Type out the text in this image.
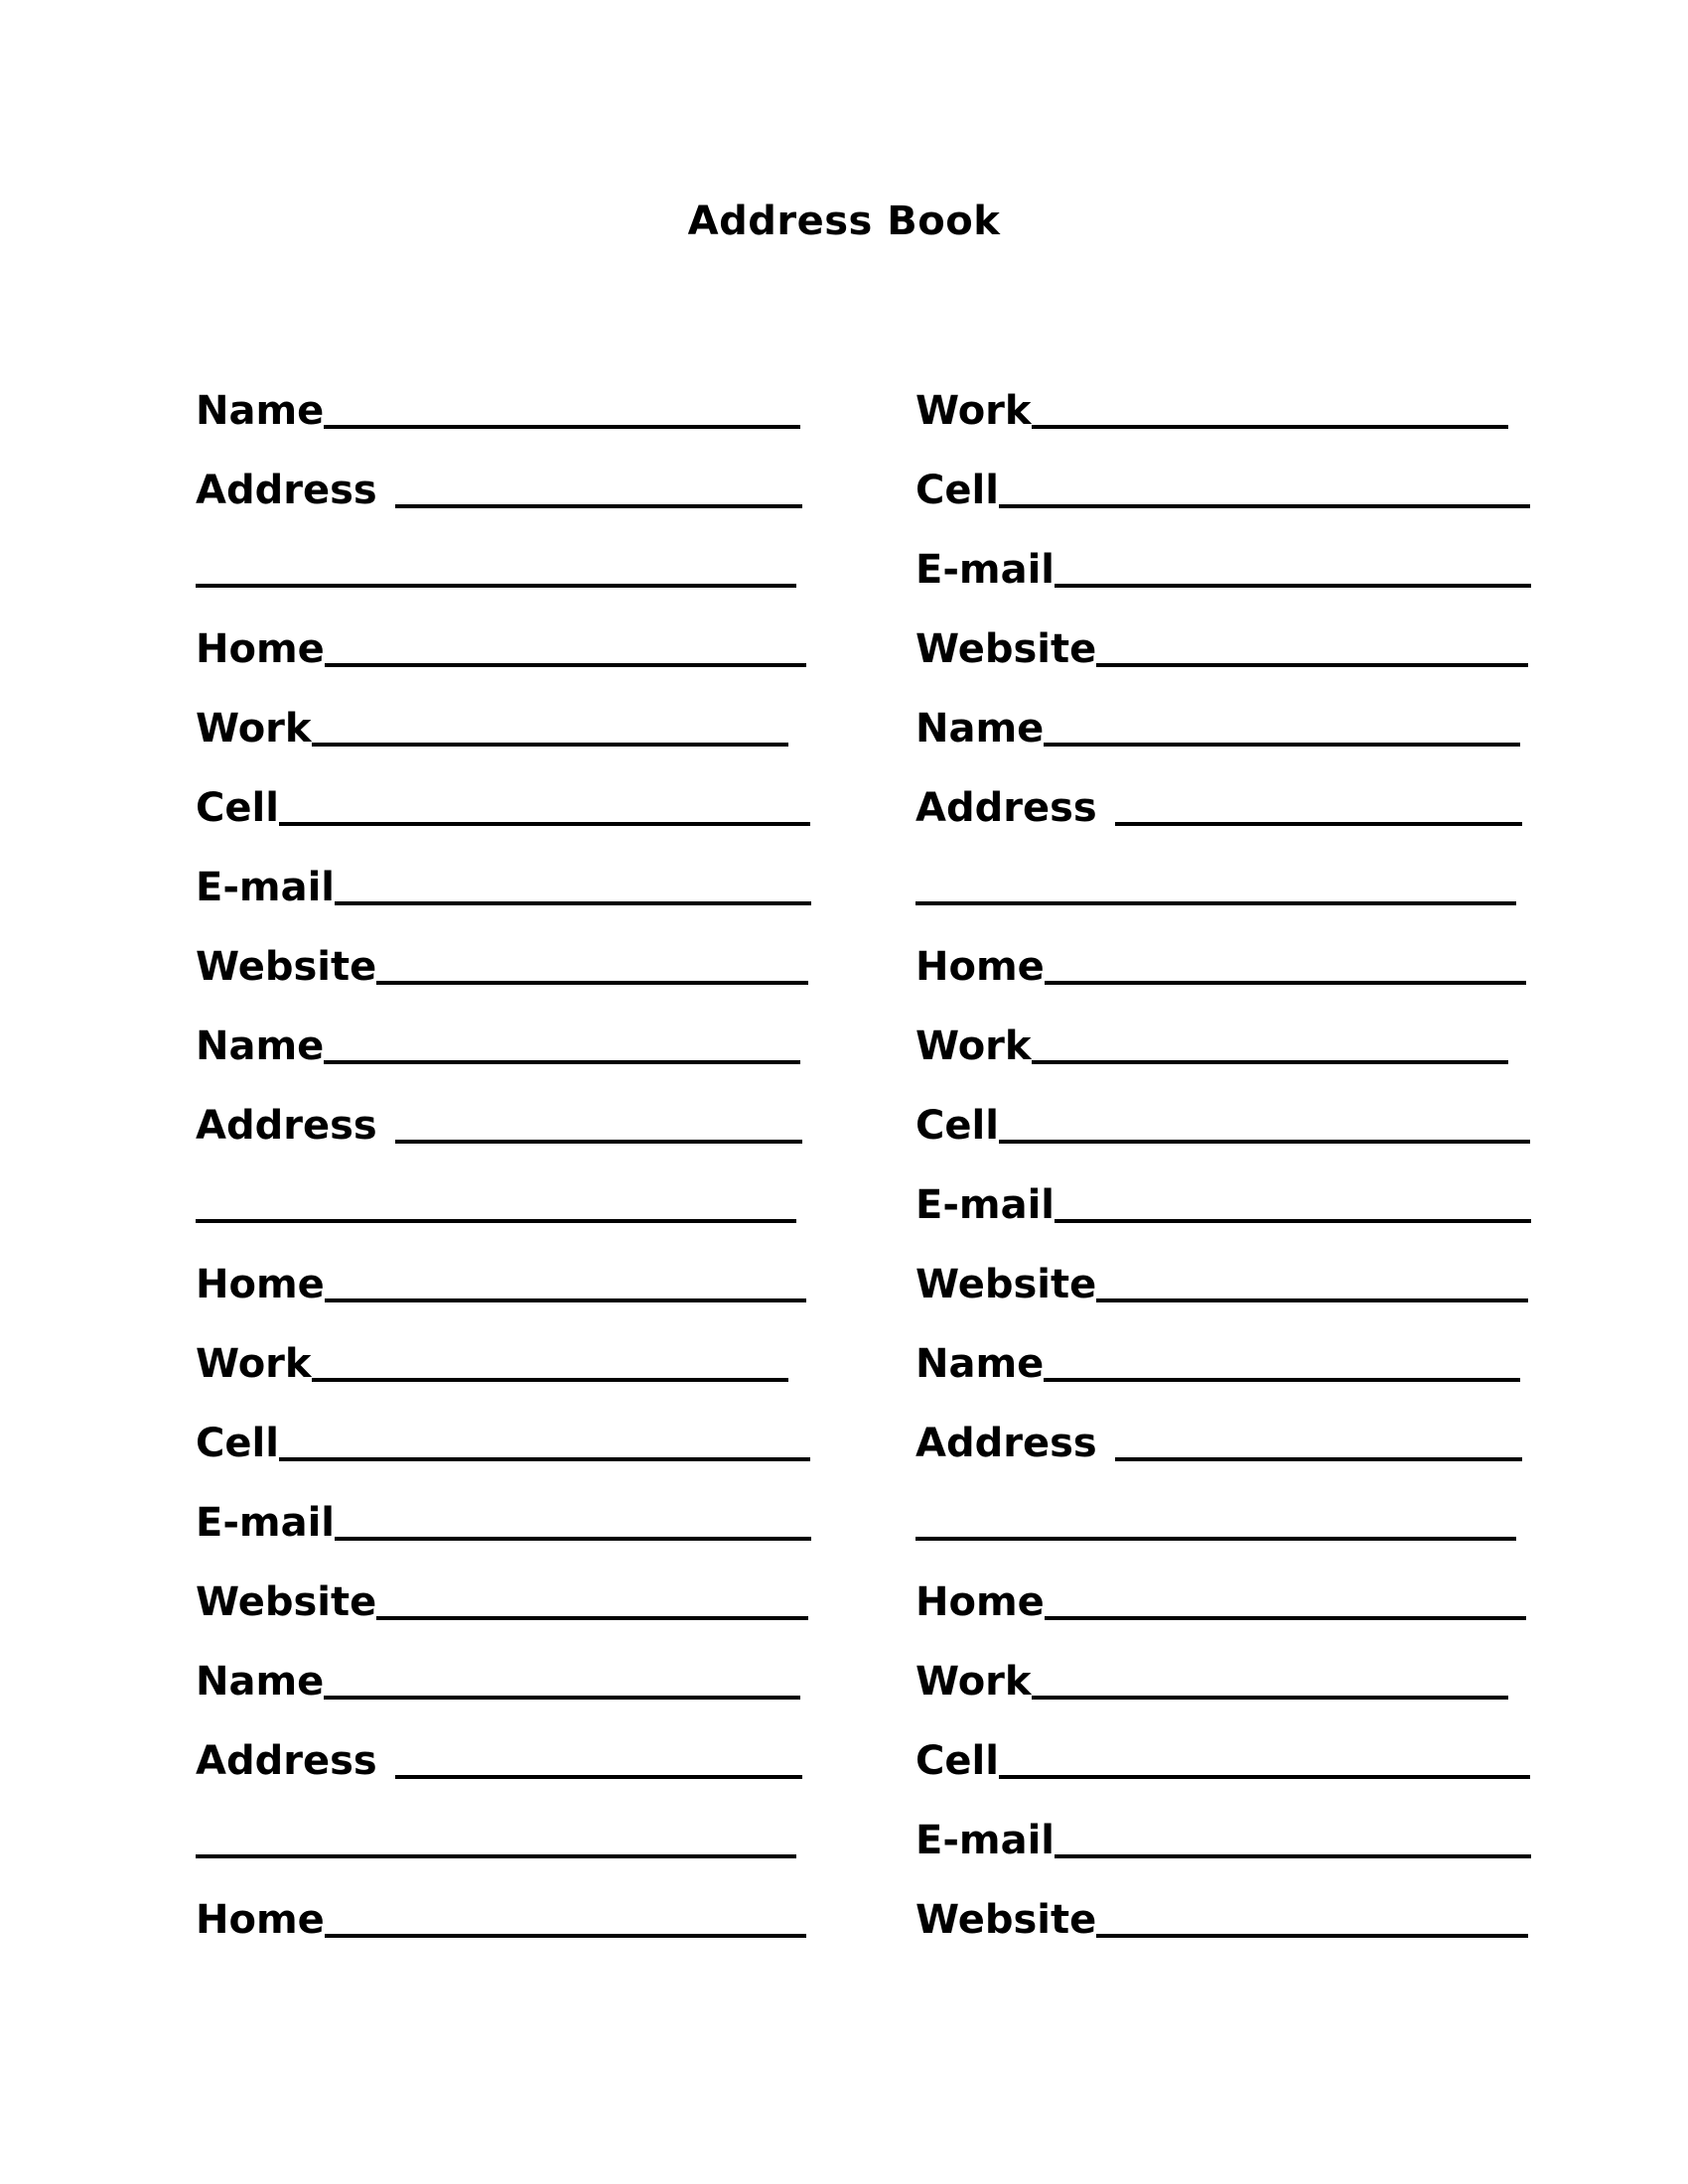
Address Book
Name
Address
Home
Work
Cell
E-mail
Website
Name
Address
Home
Work
Cell
E-mail
Website
Name
Address
Home
Work
Cell
E-mail
Website
Name
Address
Home
Work
Cell
E-mail
Website
Name
Address
Home
Work
Cell
E-mail
Website
